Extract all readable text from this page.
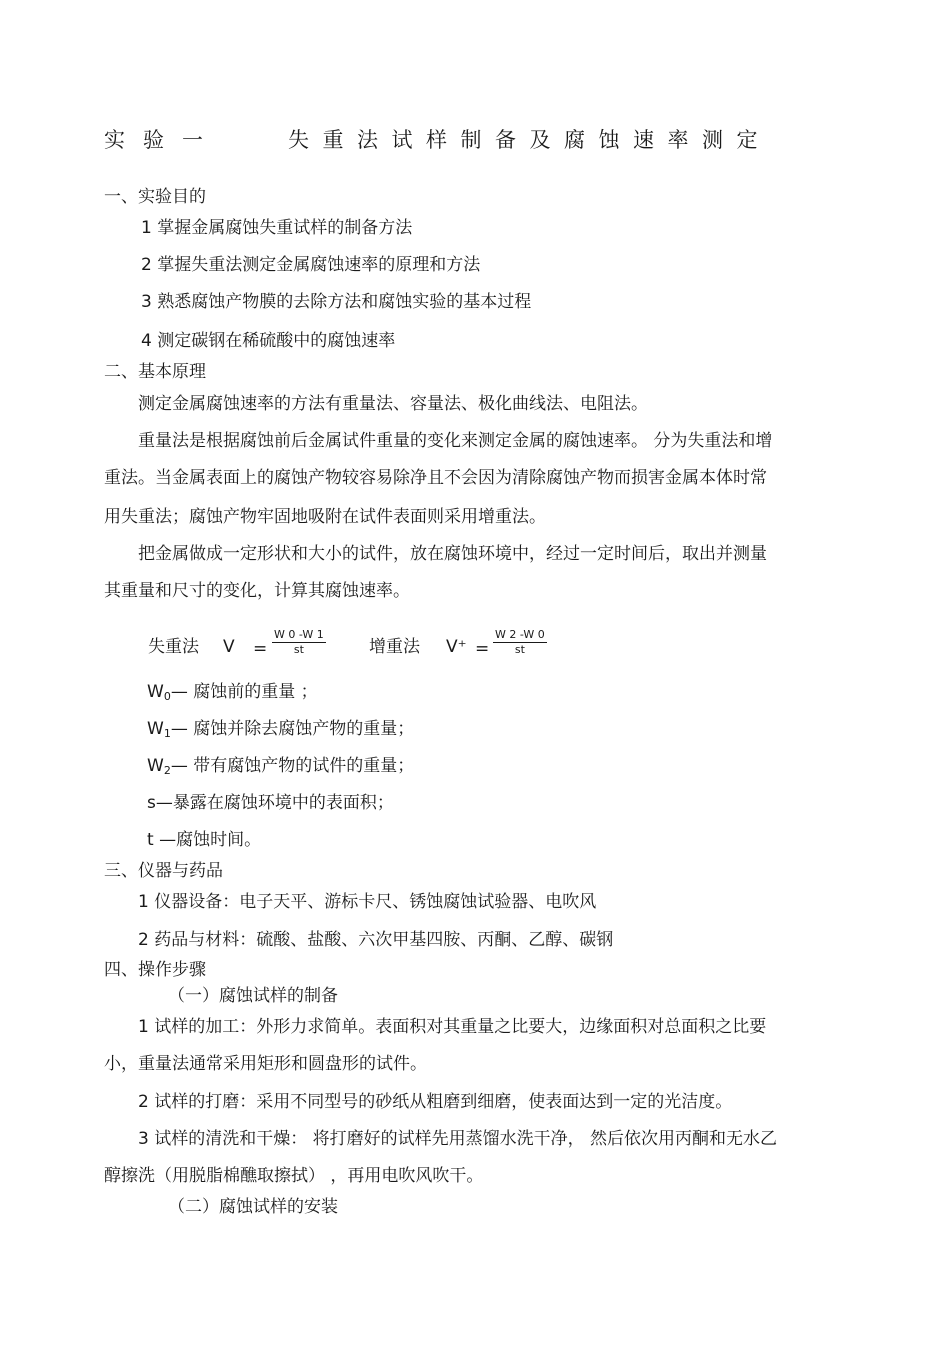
实验一	失重法试样制备及腐蚀速率测定
一、实验目的
1 掌握金属腐蚀失重试样的制备方法
2 掌握失重法测定金属腐蚀速率的原理和方法
3 熟悉腐蚀产物膜的去除方法和腐蚀实验的基本过程
4 测定碳钢在稀硫酸中的腐蚀速率
二、基本原理
测定金属腐蚀速率的方法有重量法、容量法、极化曲线法、电阻法。
重量法是根据腐蚀前后金属试件重量的变化来测定金属的腐蚀速率。 分为失重法和增
重法。当金属表面上的腐蚀产物较容易除净且不会因为清除腐蚀产物而损害金属本体时常
用失重法；腐蚀产物牢固地吸附在试件表面则采用增重法。
把金属做成一定形状和大小的试件，放在腐蚀环境中，经过一定时间后，取出并测量
其重量和尺寸的变化，计算其腐蚀速率。
失重法 $V = \frac{W 0 -W 1}{st}$	增重法 $V^+ = \frac{W 2 -W 0}{st}$
$W_0—$ 腐蚀前的重量 ；
$W_1—$ 腐蚀并除去腐蚀产物的重量；
$W_2—$ 带有腐蚀产物的试件的重量；
s—暴露在腐蚀环境中的表面积；
t —腐蚀时间。
三、仪器与药品
1 仪器设备：电子天平、游标卡尺、锈蚀腐蚀试验器、电吹风
2 药品与材料：硫酸、盐酸、六次甲基四胺、丙酮、乙醇、碳钢
四、操作步骤
（一）腐蚀试样的制备
1 试样的加工：外形力求简单。表面积对其重量之比要大，边缘面积对总面积之比要
小，重量法通常采用矩形和圆盘形的试件。
2 试样的打磨：采用不同型号的砂纸从粗磨到细磨，使表面达到一定的光洁度。
3 试样的清洗和干燥： 将打磨好的试样先用蒸馏水洗干净， 然后依次用丙酮和无水乙
醇擦洗（用脱脂棉醮取擦拭） ，再用电吹风吹干。
（二）腐蚀试样的安装
